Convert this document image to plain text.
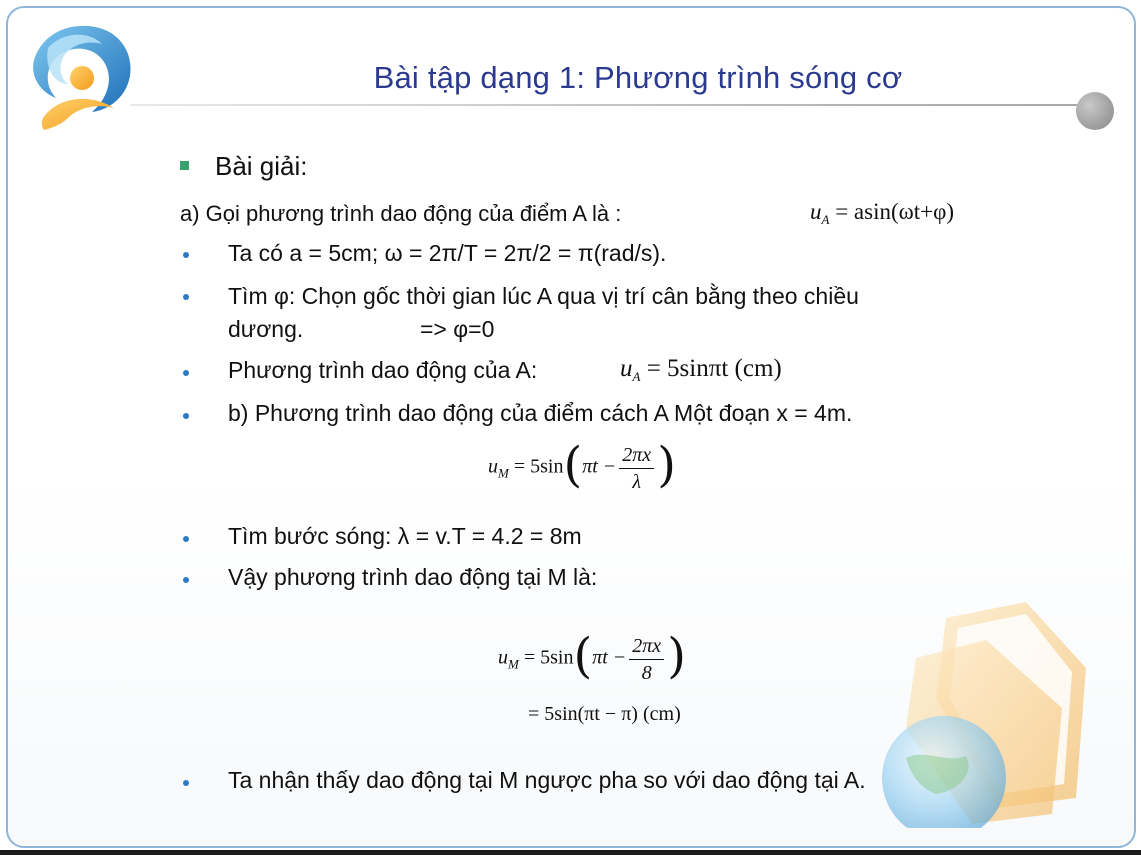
Bài tập dạng 1: Phương trình sóng cơ
Bài giải:
a) Gọi phương trình dao động của điểm A là :	$u_A = asin(\omega t+\varphi)$
Ta có a = 5cm; ω = 2π/T = 2π/2 = π(rad/s).
Tìm φ: Chọn gốc thời gian lúc A qua vị trí cân bằng theo chiều
dương.	=> φ=0
Phương trình dao động của A:	$u_A = 5\sin\pi t$ (cm)
b) Phương trình dao động của điểm cách A Một đoạn x = 4m.
$u_M = 5\sin(\pi t - \frac{2\pi x}{\lambda}$ )
Tìm bước sóng: λ = v.T = 4.2 = 8m
Vậy phương trình dao động tại M là:
$u_M = 5\sin(\pi t - \frac{2\pi x}{8}$ )
= 5sin(πt − π) (cm)
Ta nhận thấy dao động tại M ngược pha so với dao động tại A.
